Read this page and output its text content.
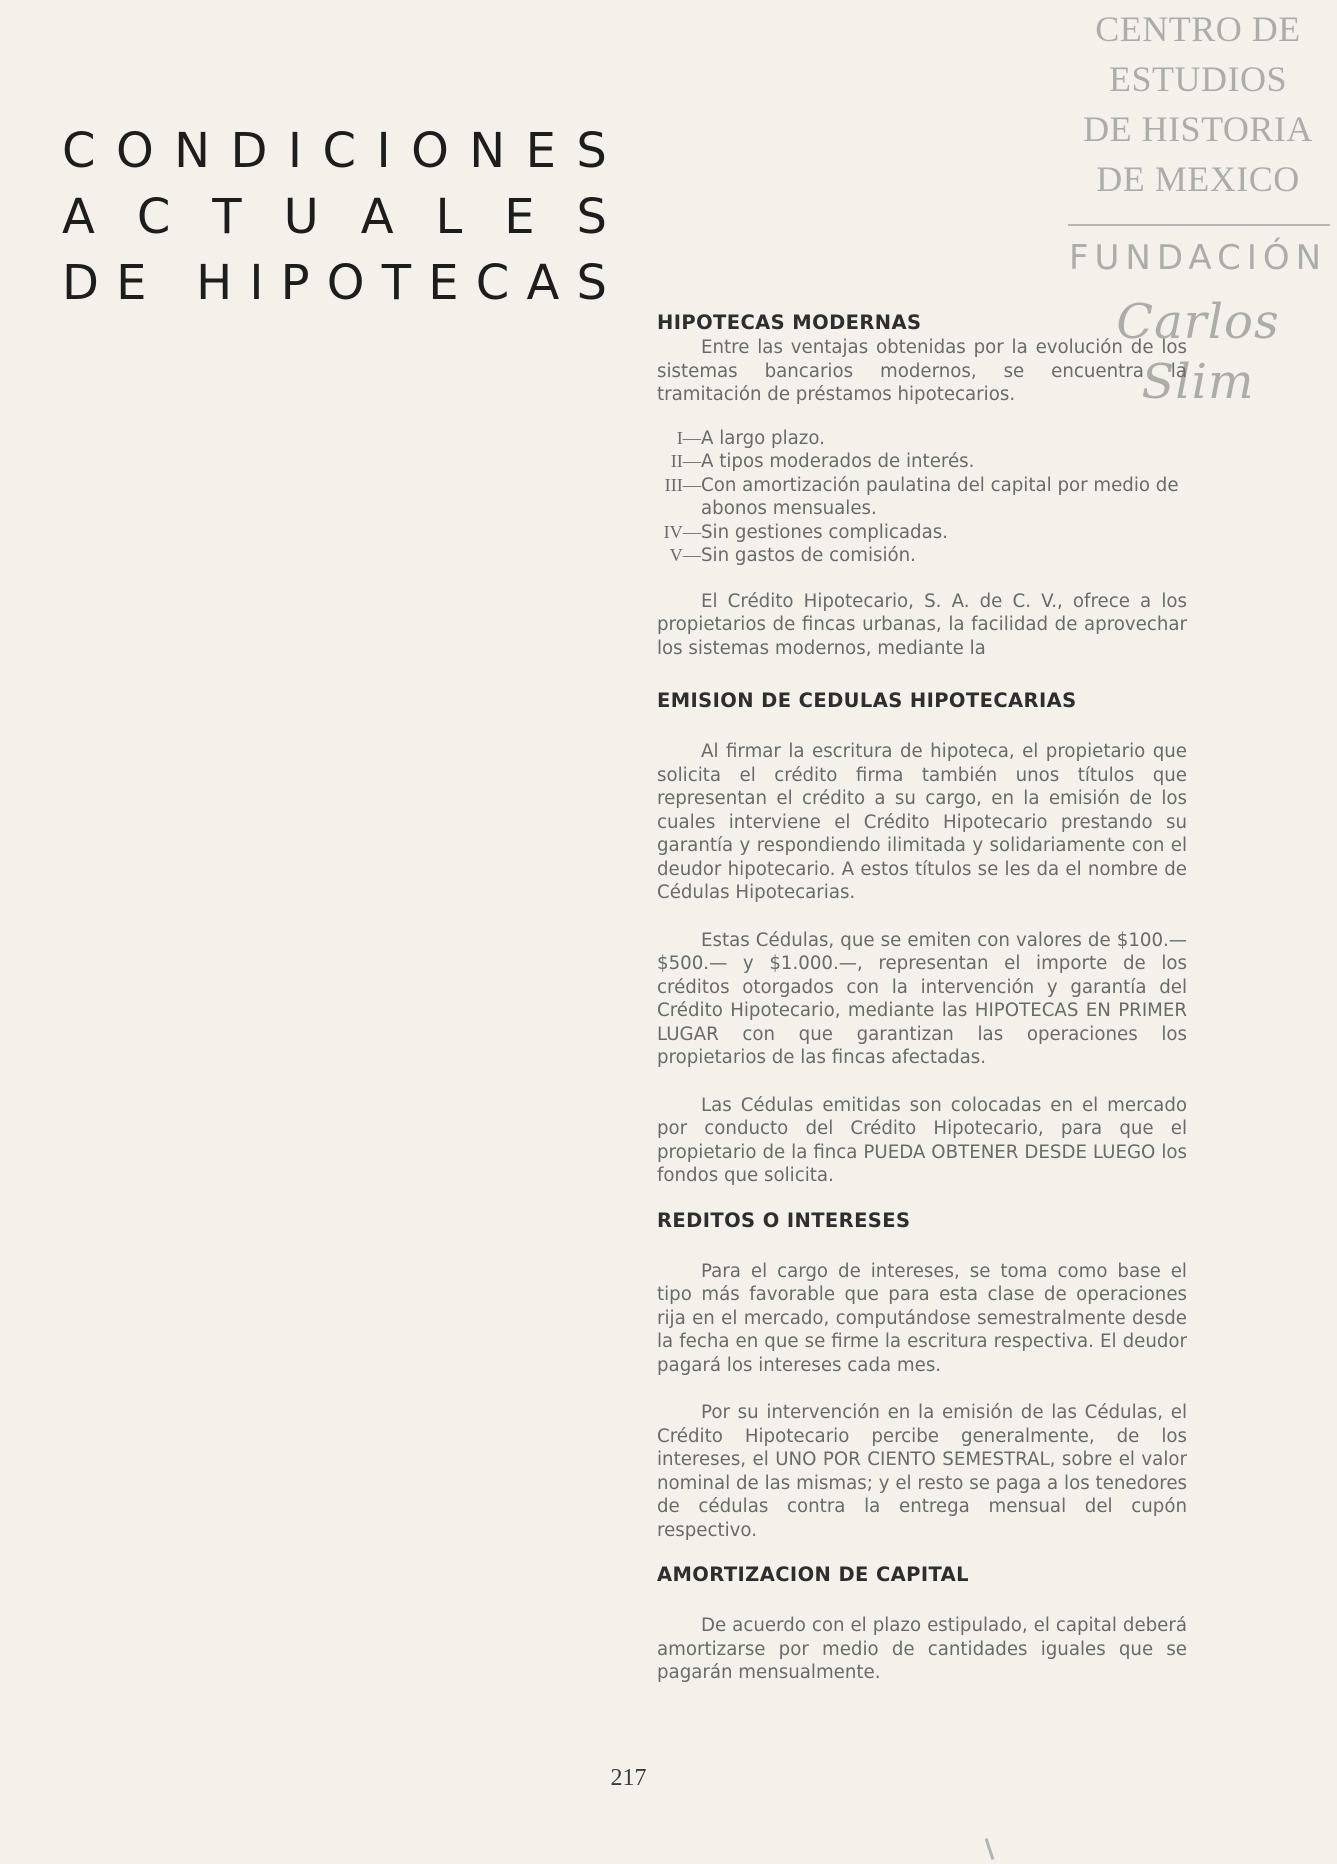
CENTRO DE
ESTUDIOS
DE HISTORIA
DE MEXICO
FUNDACIÓN
Carlos Slim
C O N D I C I O N E S
A C T U A L E S
D E
H I P O T E C A S
HIPOTECAS MODERNAS

Entre las ventajas obtenidas por la evolución de los sistemas bancarios modernos, se encuentra la tramitación de préstamos hipotecarios.

I— A largo plazo.
II— A tipos moderados de interés.
III— Con amortización paulatina del capital por medio de abonos mensuales.
IV— Sin gestiones complicadas.
V— Sin gastos de comisión.

El Crédito Hipotecario, S. A. de C. V., ofrece a los propietarios de fincas urbanas, la facilidad de aprovechar los sistemas modernos, mediante la

EMISION DE CEDULAS HIPOTECARIAS

Al firmar la escritura de hipoteca, el propietario que solicita el crédito firma también unos títulos que representan el crédito a su cargo, en la emisión de los cuales interviene el Crédito Hipotecario prestando su garantía y respondiendo ilimitada y solidariamente con el deudor hipotecario. A estos títulos se les da el nombre de Cédulas Hipotecarias.

Estas Cédulas, que se emiten con valores de $100.— $500.— y $1.000.—, representan el importe de los créditos otorgados con la intervención y garantía del Crédito Hipotecario, mediante las HIPOTECAS EN PRIMER LUGAR con que garantizan las operaciones los propietarios de las fincas afectadas.

Las Cédulas emitidas son colocadas en el mercado por conducto del Crédito Hipotecario, para que el propietario de la finca PUEDA OBTENER DESDE LUEGO los fondos que solicita.

REDITOS O INTERESES

Para el cargo de intereses, se toma como base el tipo más favorable que para esta clase de operaciones rija en el mercado, computándose semestralmente desde la fecha en que se firme la escritura respectiva. El deudor pagará los intereses cada mes.

Por su intervención en la emisión de las Cédulas, el Crédito Hipotecario percibe generalmente, de los intereses, el UNO POR CIENTO SEMESTRAL, sobre el valor nominal de las mismas; y el resto se paga a los tenedores de cédulas contra la entrega mensual del cupón respectivo.

AMORTIZACION DE CAPITAL

De acuerdo con el plazo estipulado, el capital deberá amortizarse por medio de cantidades iguales que se pagarán mensualmente.

217
